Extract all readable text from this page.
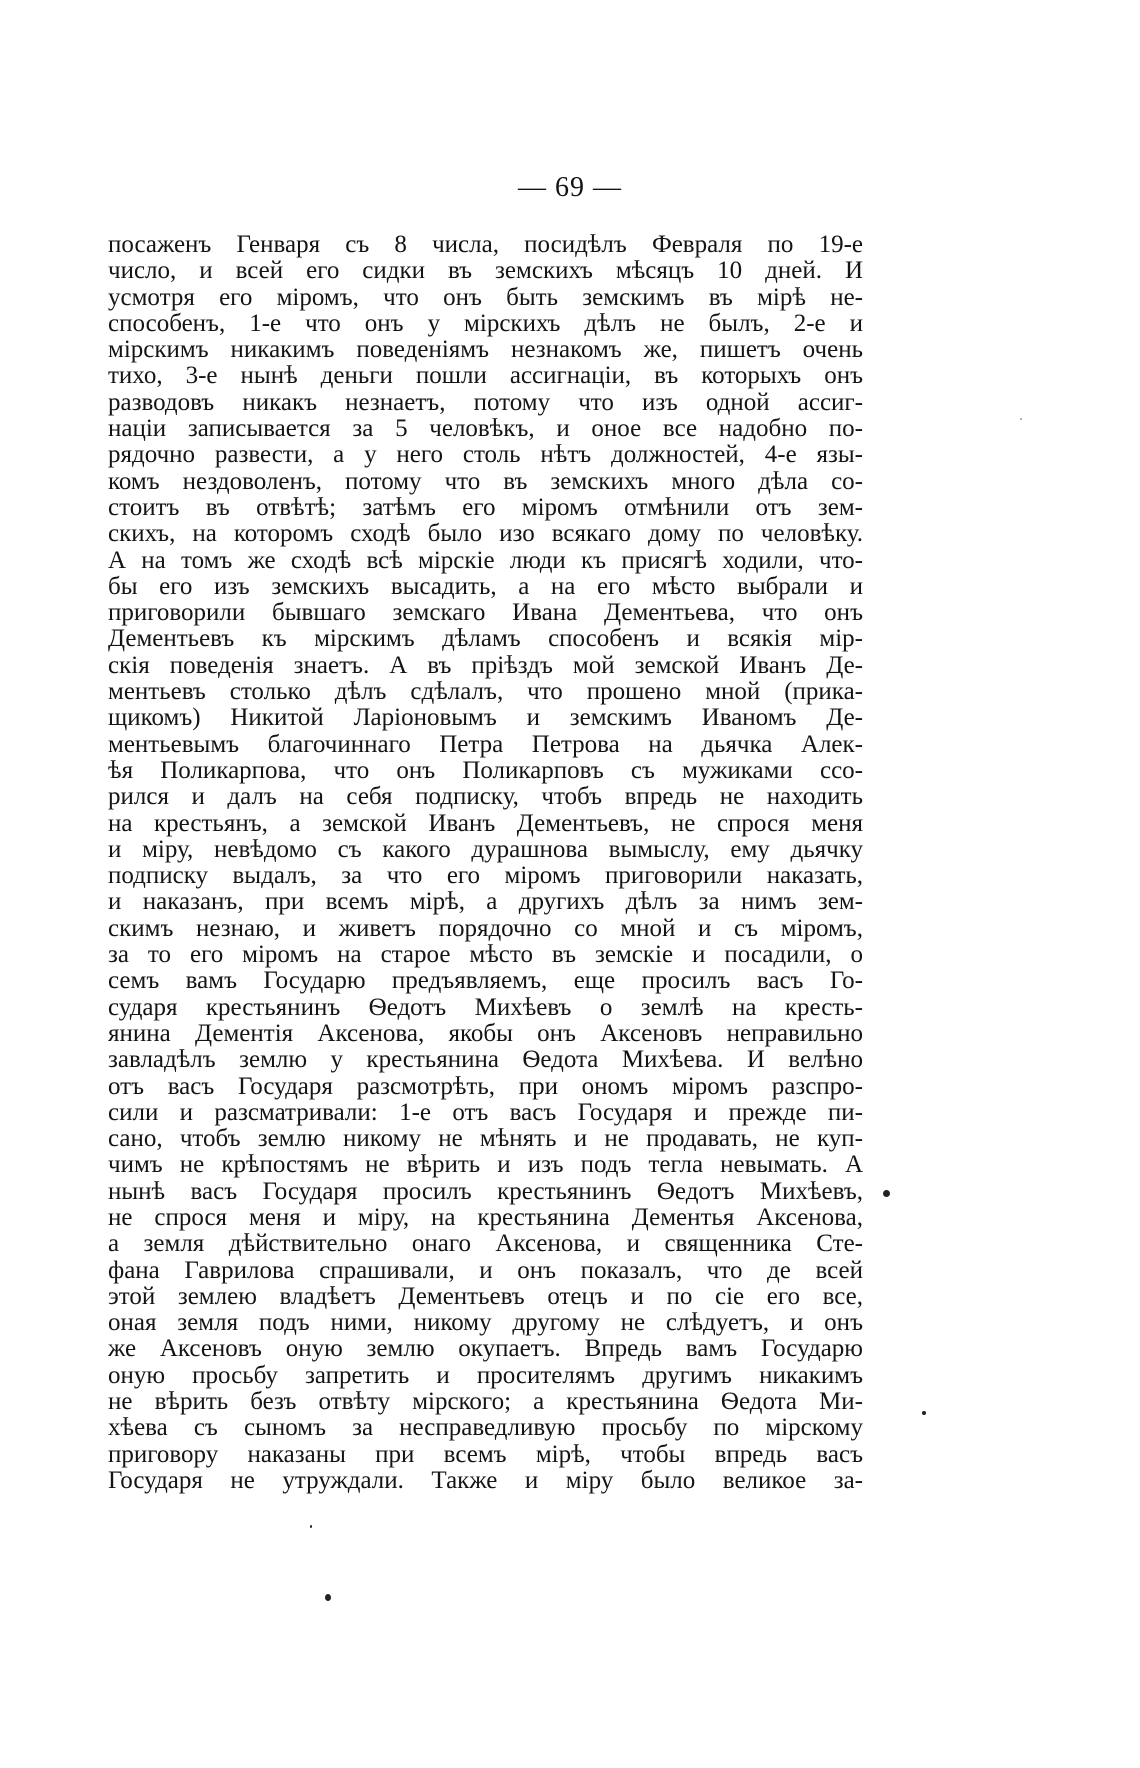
— 69 —
посаженъ Генваря съ 8 числа, посидѣлъ Февраля по 19-е
число, и всей его сидки въ земскихъ мѣсяцъ 10 дней. И
усмотря его міромъ, что онъ быть земскимъ въ мірѣ не-
способенъ, 1-е что онъ у мірскихъ дѣлъ не былъ, 2-е и
мірскимъ никакимъ поведеніямъ незнакомъ же, пишетъ очень
тихо, 3-е нынѣ деньги пошли ассигнаціи, въ которыхъ онъ
разводовъ никакъ незнаетъ, потому что изъ одной ассиг-
націи записывается за 5 человѣкъ, и оное все надобно по-
рядочно развести, а у него столь нѣтъ должностей, 4-е язы-
комъ нездоволенъ, потому что въ земскихъ много дѣла со-
стоитъ въ отвѣтѣ; затѣмъ его міромъ отмѣнили отъ зем-
скихъ, на которомъ сходѣ было изо всякаго дому по человѣку.
А на томъ же сходѣ всѣ мірскіе люди къ присягѣ ходили, что-
бы его изъ земскихъ высадить, а на его мѣсто выбрали и
приговорили бывшаго земскаго Ивана Дементьева, что онъ
Дементьевъ къ мірскимъ дѣламъ способенъ и всякія мір-
скія поведенія знаетъ. А въ пріѣздъ мой земской Иванъ Де-
ментьевъ столько дѣлъ сдѣлалъ, что прошено мной (прика-
щикомъ) Никитой Ларіоновымъ и земскимъ Иваномъ Де-
ментьевымъ благочиннаго Петра Петрова на дьячка Алек-
ѣя Поликарпова, что онъ Поликарповъ съ мужиками ссо-
рился и далъ на себя подписку, чтобъ впредь не находить
на крестьянъ, а земской Иванъ Дементьевъ, не спрося меня
и міру, невѣдомо съ какого дурашнова вымыслу, ему дьячку
подписку выдалъ, за что его міромъ приговорили наказать,
и наказанъ, при всемъ мірѣ, а другихъ дѣлъ за нимъ зем-
скимъ незнаю, и живетъ порядочно со мной и съ міромъ,
за то его міромъ на старое мѣсто въ земскіе и посадили, о
семъ вамъ Государю предъявляемъ, еще просилъ васъ Го-
сударя крестьянинъ Ѳедотъ Михѣевъ о землѣ на кресть-
янина Дементія Аксенова, якобы онъ Аксеновъ неправильно
завладѣлъ землю у крестьянина Ѳедота Михѣева. И велѣно
отъ васъ Государя разсмотрѣть, при ономъ міромъ разспро-
сили и разсматривали: 1-е отъ васъ Государя и прежде пи-
сано, чтобъ землю никому не мѣнять и не продавать, не куп-
чимъ не крѣпостямъ не вѣрить и изъ подъ тегла невымать. А
нынѣ васъ Государя просилъ крестьянинъ Ѳедотъ Михѣевъ,
не спрося меня и міру, на крестьянина Дементья Аксенова,
а земля дѣйствительно онаго Аксенова, и священника Сте-
фана Гаврилова спрашивали, и онъ показалъ, что де всей
этой землею владѣетъ Дементьевъ отецъ и по сіе его все,
оная земля подъ ними, никому другому не слѣдуетъ, и онъ
же Аксеновъ оную землю окупаетъ. Впредь вамъ Государю
оную просьбу запретить и просителямъ другимъ никакимъ
не вѣрить безъ отвѣту мірского; а крестьянина Ѳедота Ми-
хѣева съ сыномъ за несправедливую просьбу по мірскому
приговору наказаны при всемъ мірѣ, чтобы впредь васъ
Государя не утруждали. Также и міру было великое за-
